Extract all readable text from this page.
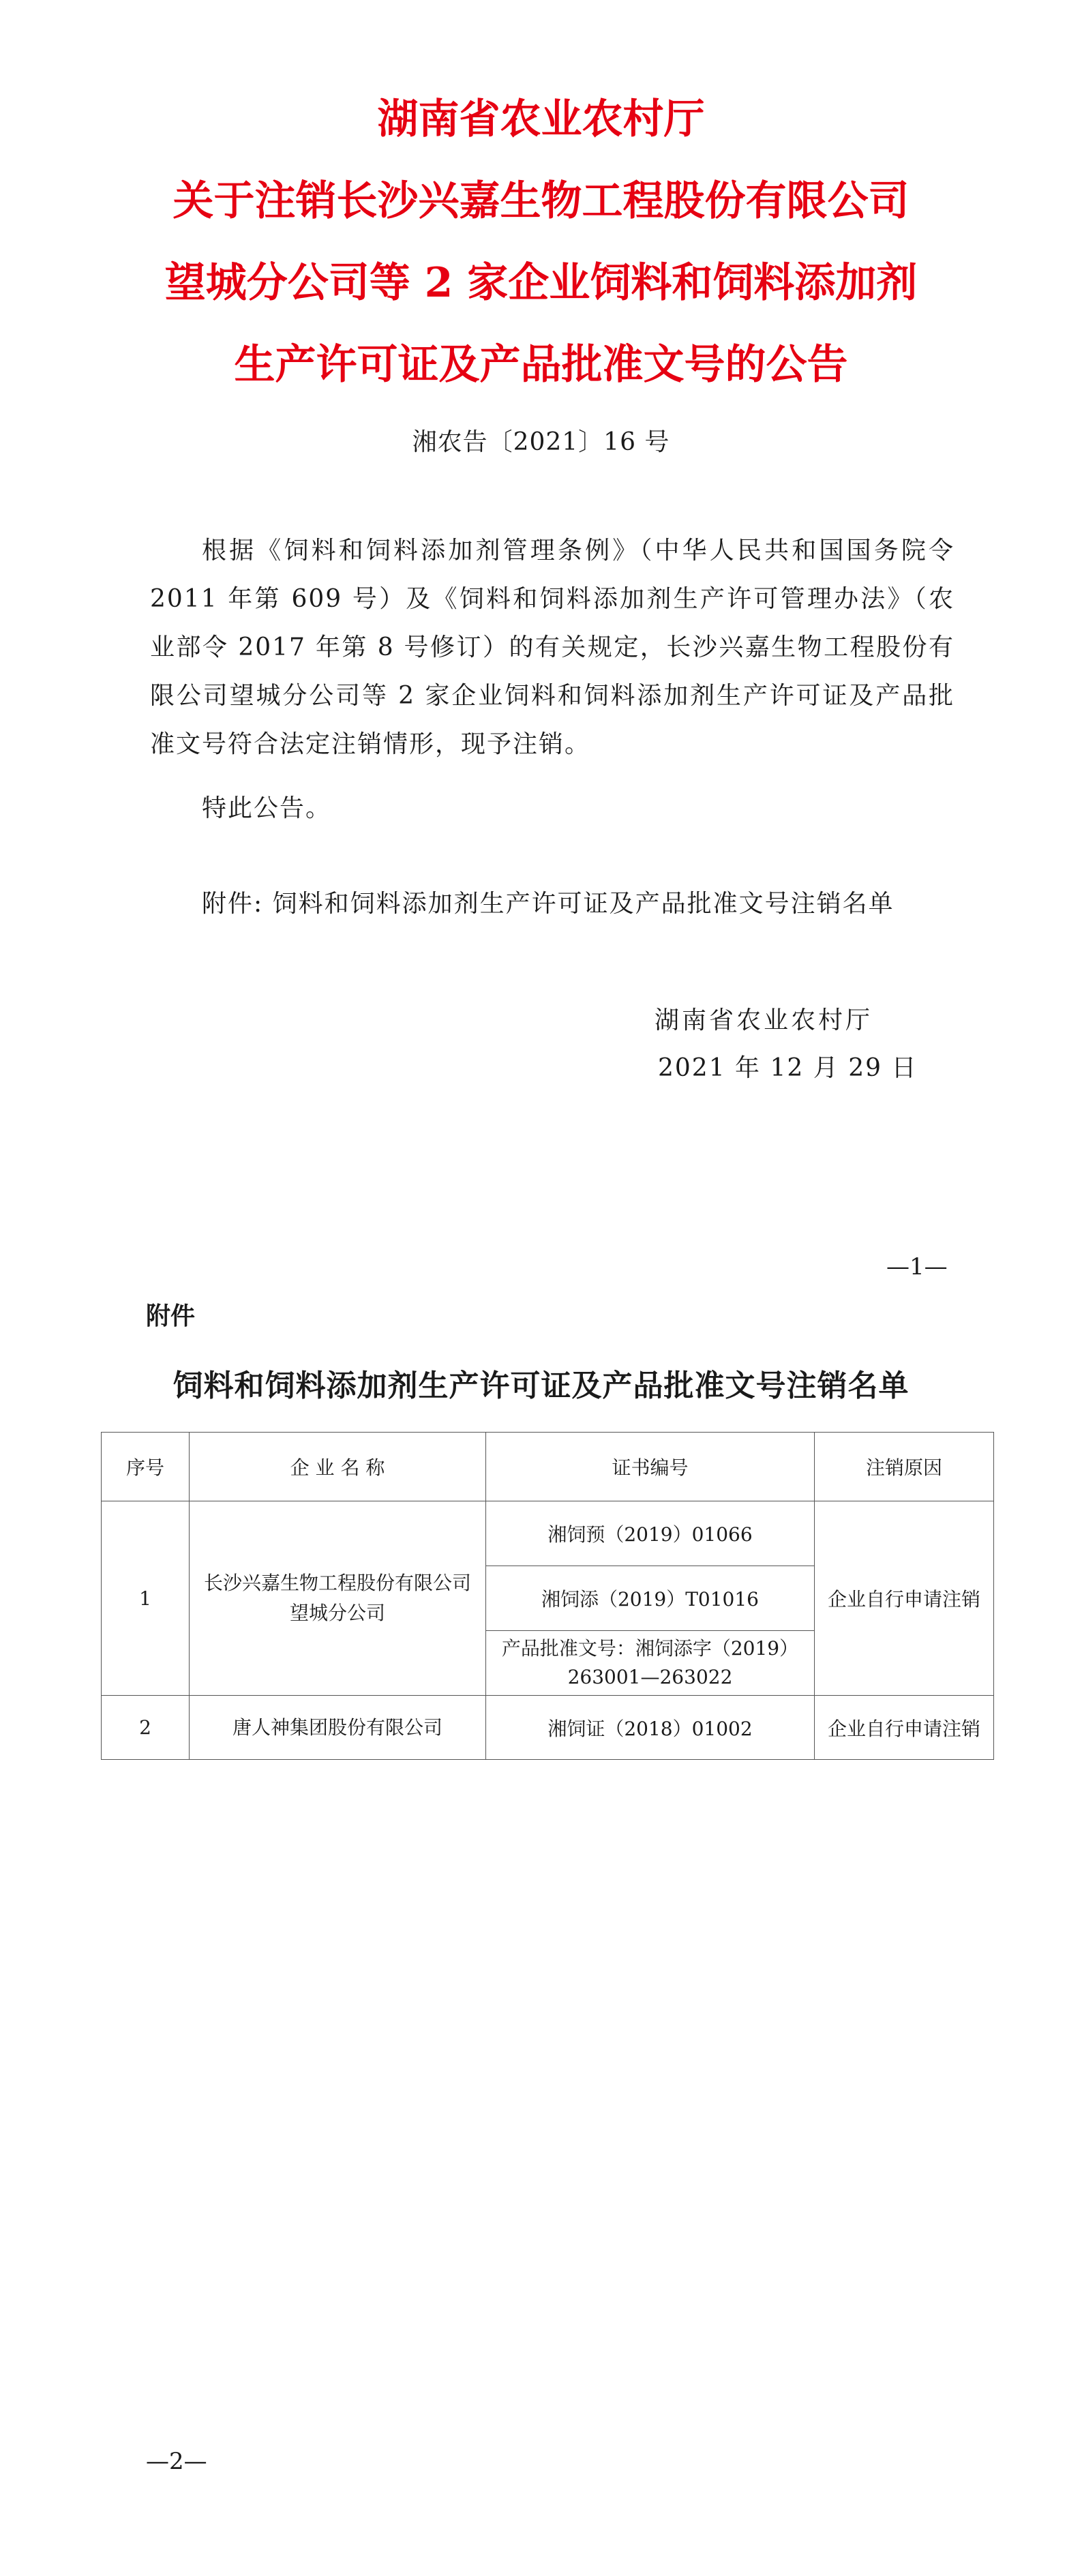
湖南省农业农村厅
关于注销长沙兴嘉生物工程股份有限公司
望城分公司等 2 家企业饲料和饲料添加剂
生产许可证及产品批准文号的公告
湘农告〔2021〕16 号
根据《饲料和饲料添加剂管理条例》（中华人民共和国国务院令 2011 年第 609 号）及《饲料和饲料添加剂生产许可管理办法》（农业部令 2017 年第 8 号修订）的有关规定，长沙兴嘉生物工程股份有限公司望城分公司等 2 家企业饲料和饲料添加剂生产许可证及产品批准文号符合法定注销情形，现予注销。
特此公告。
附件: 饲料和饲料添加剂生产许可证及产品批准文号注销名单
湖南省农业农村厅
2021 年 12 月 29 日
—1—
附件
饲料和饲料添加剂生产许可证及产品批准文号注销名单
序号	企 业 名 称	证书编号	注销原因
1	长沙兴嘉生物工程股份有限公司望城分公司	湘饲预（2019）01066	企业自行申请注销
		湘饲添（2019）T01016	
		产品批准文号：湘饲添字（2019）
263001—263022	
2	唐人神集团股份有限公司	湘饲证（2018）01002	企业自行申请注销
—2—
